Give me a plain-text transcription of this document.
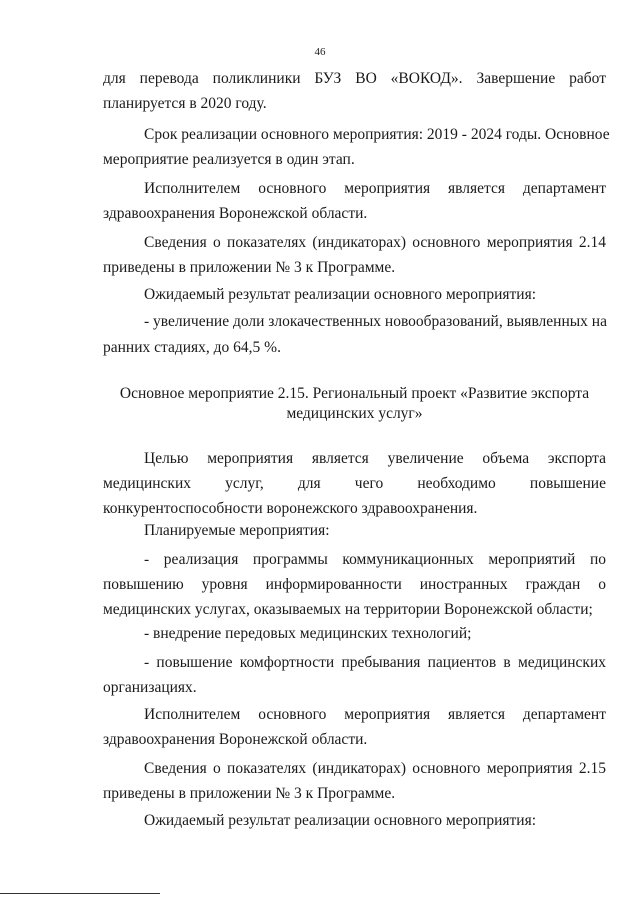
46
для перевода поликлиники БУЗ ВО «ВОКОД». Завершение работ
планируется в 2020 году.
Срок реализации основного мероприятия: 2019 - 2024 годы. Основное
мероприятие реализуется в один этап.
Исполнителем основного мероприятия является департамент
здравоохранения Воронежской области.
Сведения о показателях (индикаторах) основного мероприятия 2.14
приведены в приложении № 3 к Программе.
Ожидаемый результат реализации основного мероприятия:
- увеличение доли злокачественных новообразований, выявленных на
ранних стадиях, до 64,5 %.
Основное мероприятие 2.15. Региональный проект «Развитие экспорта
медицинских услуг»
Целью мероприятия является увеличение объема экспорта
медицинских услуг, для чего необходимо повышение
конкурентоспособности воронежского здравоохранения.
Планируемые мероприятия:
- реализация программы коммуникационных мероприятий по
повышению уровня информированности иностранных граждан о
медицинских услугах, оказываемых на территории Воронежской области;
- внедрение передовых медицинских технологий;
- повышение комфортности пребывания пациентов в медицинских
организациях.
Исполнителем основного мероприятия является департамент
здравоохранения Воронежской области.
Сведения о показателях (индикаторах) основного мероприятия 2.15
приведены в приложении № 3 к Программе.
Ожидаемый результат реализации основного мероприятия:
